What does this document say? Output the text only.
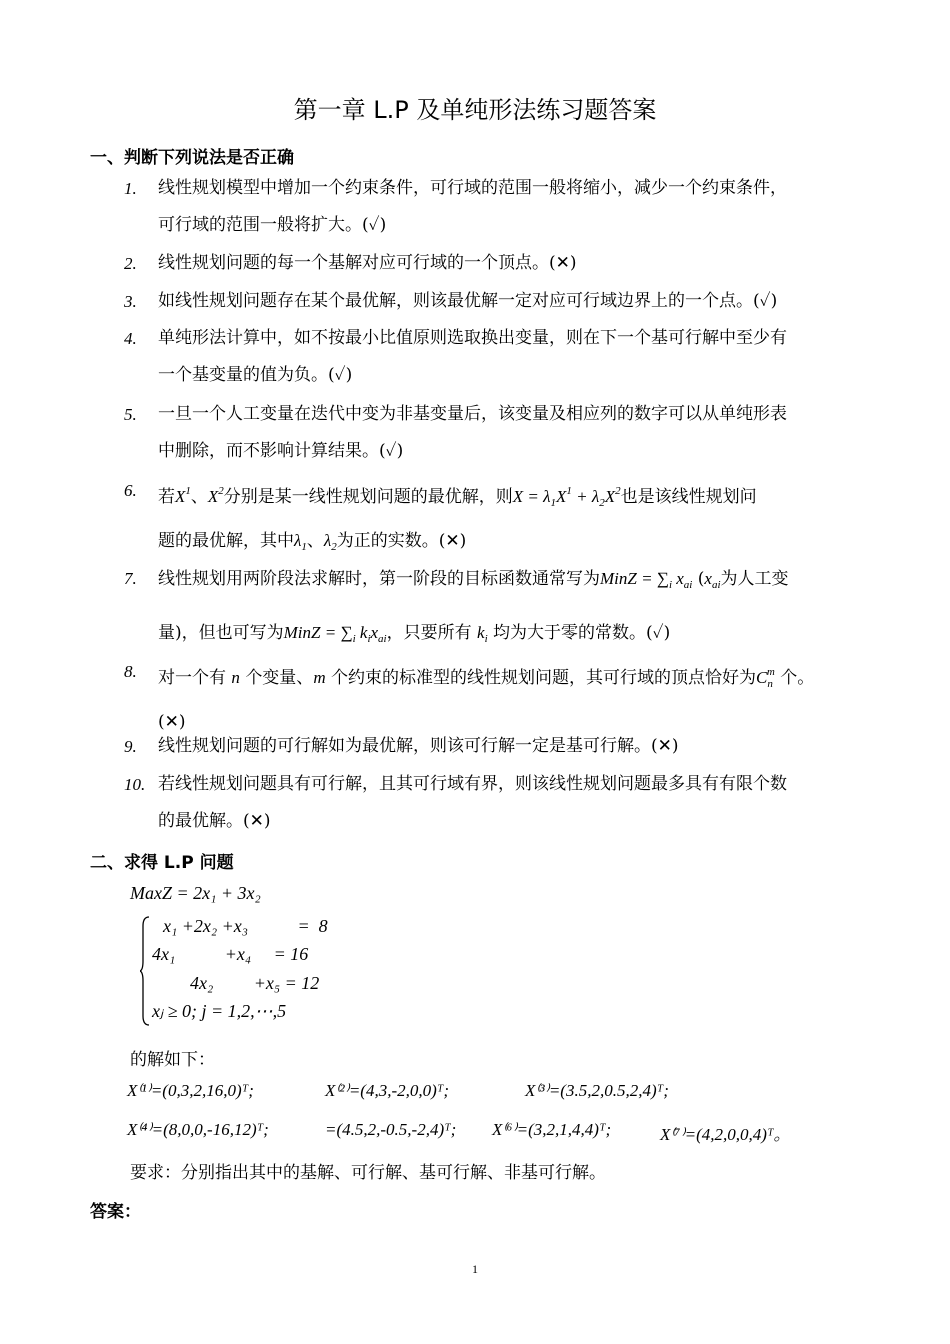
第一章 L.P 及单纯形法练习题答案
一、判断下列说法是否正确
1. 线性规划模型中增加一个约束条件，可行域的范围一般将缩小，减少一个约束条件，
可行域的范围一般将扩大。(✓)
2. 线性规划问题的每一个基解对应可行域的一个顶点。(✕)
3. 如线性规划问题存在某个最优解，则该最优解一定对应可行域边界上的一个点。(✓)
4. 单纯形法计算中，如不按最小比值原则选取换出变量，则在下一个基可行解中至少有
一个基变量的值为负。(✓)
5. 一旦一个人工变量在迭代中变为非基变量后，该变量及相应列的数字可以从单纯形表
中删除，而不影响计算结果。(✓)
6. 若$X^1$、$X^2$分别是某一线性规划问题的最优解，则$X = \lambda_1X^1 + \lambda_2X^2$也是该线性规划问
题的最优解，其中$\lambda_1$、$\lambda_2$为正的实数。(✕)
7. 线性规划用两阶段法求解时，第一阶段的目标函数通常写为MinZ = $\sum_i$ $x_{ai}$ ($x_{ai}$为人工变
量)，但也可写为MinZ = $\sum_i$ $k_ix_{ai}$，只要所有 $k_i$ 均为大于零的常数。(✓)
8. 对一个有 n 个变量、m 个约束的标准型的线性规划问题，其可行域的顶点恰好为$C_n^m$ 个。
(✕)
9. 线性规划问题的可行解如为最优解，则该可行解一定是基可行解。(✕)
10. 若线性规划问题具有可行解，且其可行域有界，则该线性规划问题最多具有有限个数
的最优解。(✕)
二、求得 L.P 问题
MaxZ = 2x₁ + 3x₂
x₁ +2x₂ +x₃           =  8
4x₁           +x₄     = 16
4x₂         +x₅ = 12
xⱼ ≥ 0; j = 1,2,⋯,5
的解如下：
X⁽¹⁾=(0,3,2,16,0)ᵀ;	X⁽²⁾=(4,3,-2,0,0)ᵀ;	X⁽³⁾=(3.5,2,0.5,2,4)ᵀ;
X⁽⁴⁾=(8,0,0,-16,12)ᵀ;	=(4.5,2,-0.5,-2,4)ᵀ; X⁽⁶⁾=(3,2,1,4,4)ᵀ;	X⁽⁷⁾=(4,2,0,0,4)ᵀ。
要求：分别指出其中的基解、可行解、基可行解、非基可行解。
答案：
1
